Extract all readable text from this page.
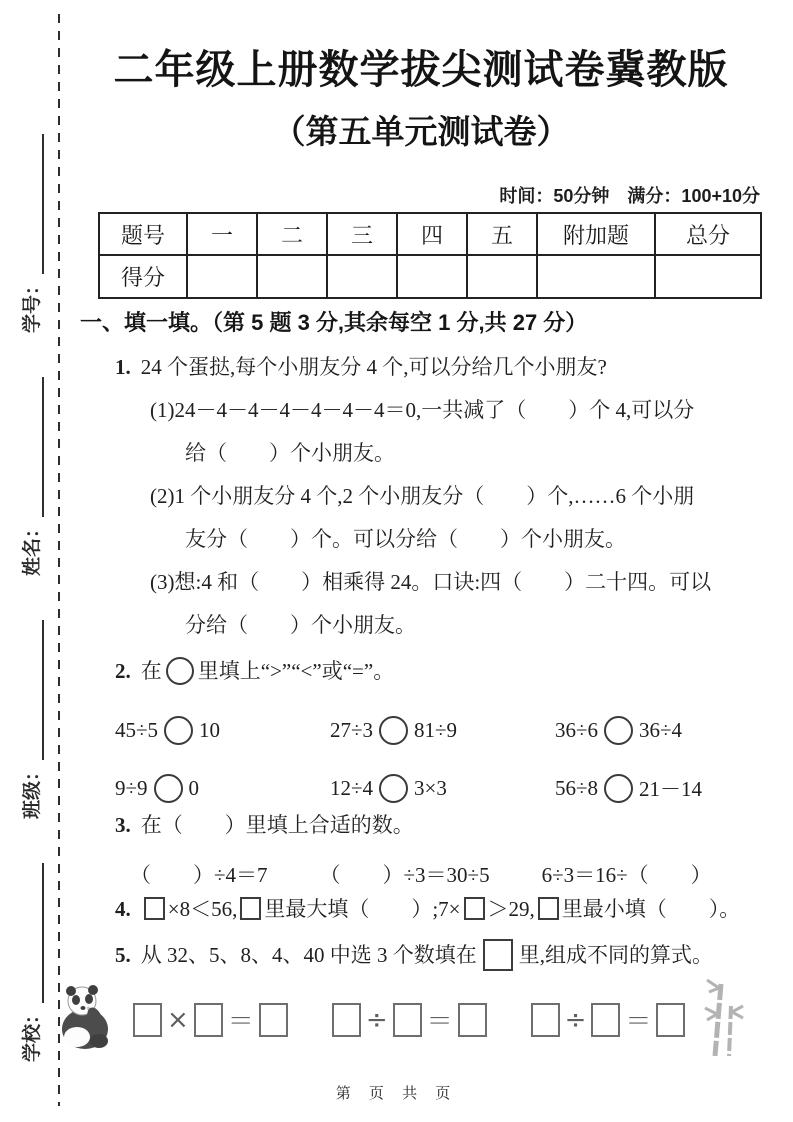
学校：
班级：
姓名：
学号：
二年级上册数学拔尖测试卷冀教版
（第五单元测试卷）
时间：50分钟　满分：100+10分
题号	一	二	三	四	五	附加题	总分
得分							
一、填一填。（第 5 题 3 分,其余每空 1 分,共 27 分）
1. 24 个蛋挞,每个小朋友分 4 个,可以分给几个小朋友?
(1)24－4－4－4－4－4－4＝0,一共减了（　　）个 4,可以分
给（　　）个小朋友。
(2)1 个小朋友分 4 个,2 个小朋友分（　　）个,……6 个小朋
友分（　　）个。可以分给（　　）个小朋友。
(3)想:4 和（　　）相乘得 24。口诀:四（　　）二十四。可以
分给（　　）个小朋友。
2. 在 里填上“>”“<”或“=”。
45÷5 10	27÷3 81÷9	36÷6 36÷4
9÷9 0	12÷4 3×3	56÷8 21－14
3. 在（　　）里填上合适的数。
（　　）÷4＝7 （　　）÷3＝30÷5 6÷3＝16÷（　　）
4. ×8＜56, 里最大填（　　）;7× ＞29, 里最小填（　　）。
5. 从 32、5、8、4、40 中选 3 个数填在 里,组成不同的算式。
× ＝	÷ ＝	÷ ＝
第 页 共 页
